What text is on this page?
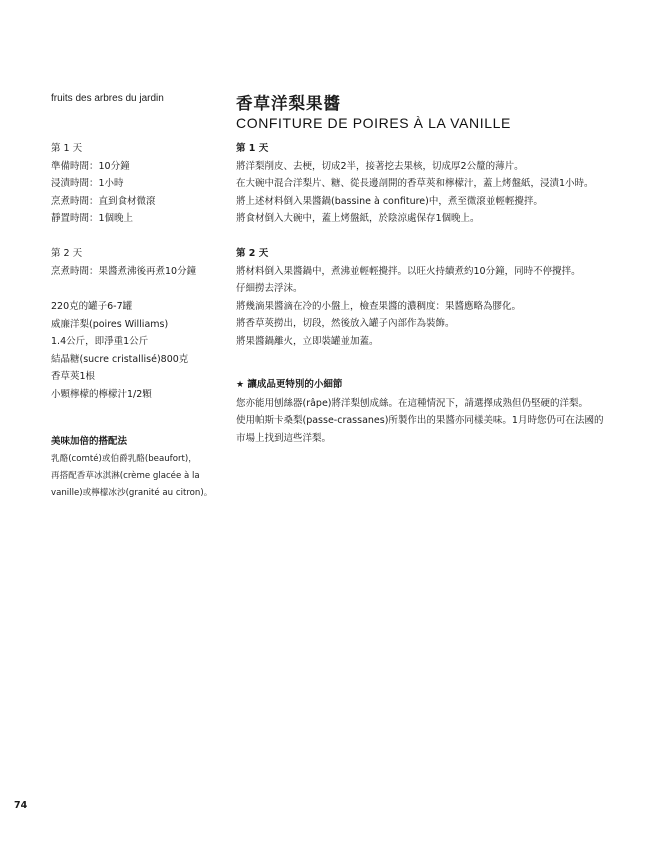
fruits des arbres du jardin	香草洋梨果醬
CONFITURE DE POIRES À LA VANILLE
第 1 天
準備時間：10分鐘
浸漬時間：1小時
烹煮時間：直到食材微滾
靜置時間：1個晚上
第 2 天
烹煮時間：果醬煮沸後再煮10分鐘
220克的罐子6-7罐
威廉洋梨(poires Williams)
1.4公斤，即淨重1公斤
結晶糖(sucre cristallisé)800克
香草莢1根
小顆檸檬的檸檬汁1/2顆
美味加倍的搭配法
乳酪(comté)或伯爵乳酪(beaufort)，
再搭配香草冰淇淋(crème glacée à la
vanille)或檸檬冰沙(granité au citron)。
第 1 天
將洋梨削皮、去梗，切成2半，接著挖去果核，切成厚2公釐的薄片。
在大碗中混合洋梨片、糖、從長邊剖開的香草莢和檸檬汁，蓋上烤盤紙，浸漬1小時。
將上述材料倒入果醬鍋(bassine à confiture)中，煮至微滾並輕輕攪拌。
將食材倒入大碗中，蓋上烤盤紙，於陰涼處保存1個晚上。
第 2 天
將材料倒入果醬鍋中，煮沸並輕輕攪拌。以旺火持續煮約10分鐘，同時不停攪拌。
仔細撈去浮沫。
將幾滴果醬滴在冷的小盤上，檢查果醬的濃稠度：果醬應略為膠化。
將香草莢撈出，切段，然後放入罐子內部作為裝飾。
將果醬鍋離火，立即裝罐並加蓋。
★ 讓成品更特別的小細節
您亦能用刨絲器(râpe)將洋梨刨成絲。在這種情況下，請選擇成熟但仍堅硬的洋梨。
使用帕斯卡桑梨(passe-crassanes)所製作出的果醬亦同樣美味。1月時您仍可在法國的
市場上找到這些洋梨。
74
